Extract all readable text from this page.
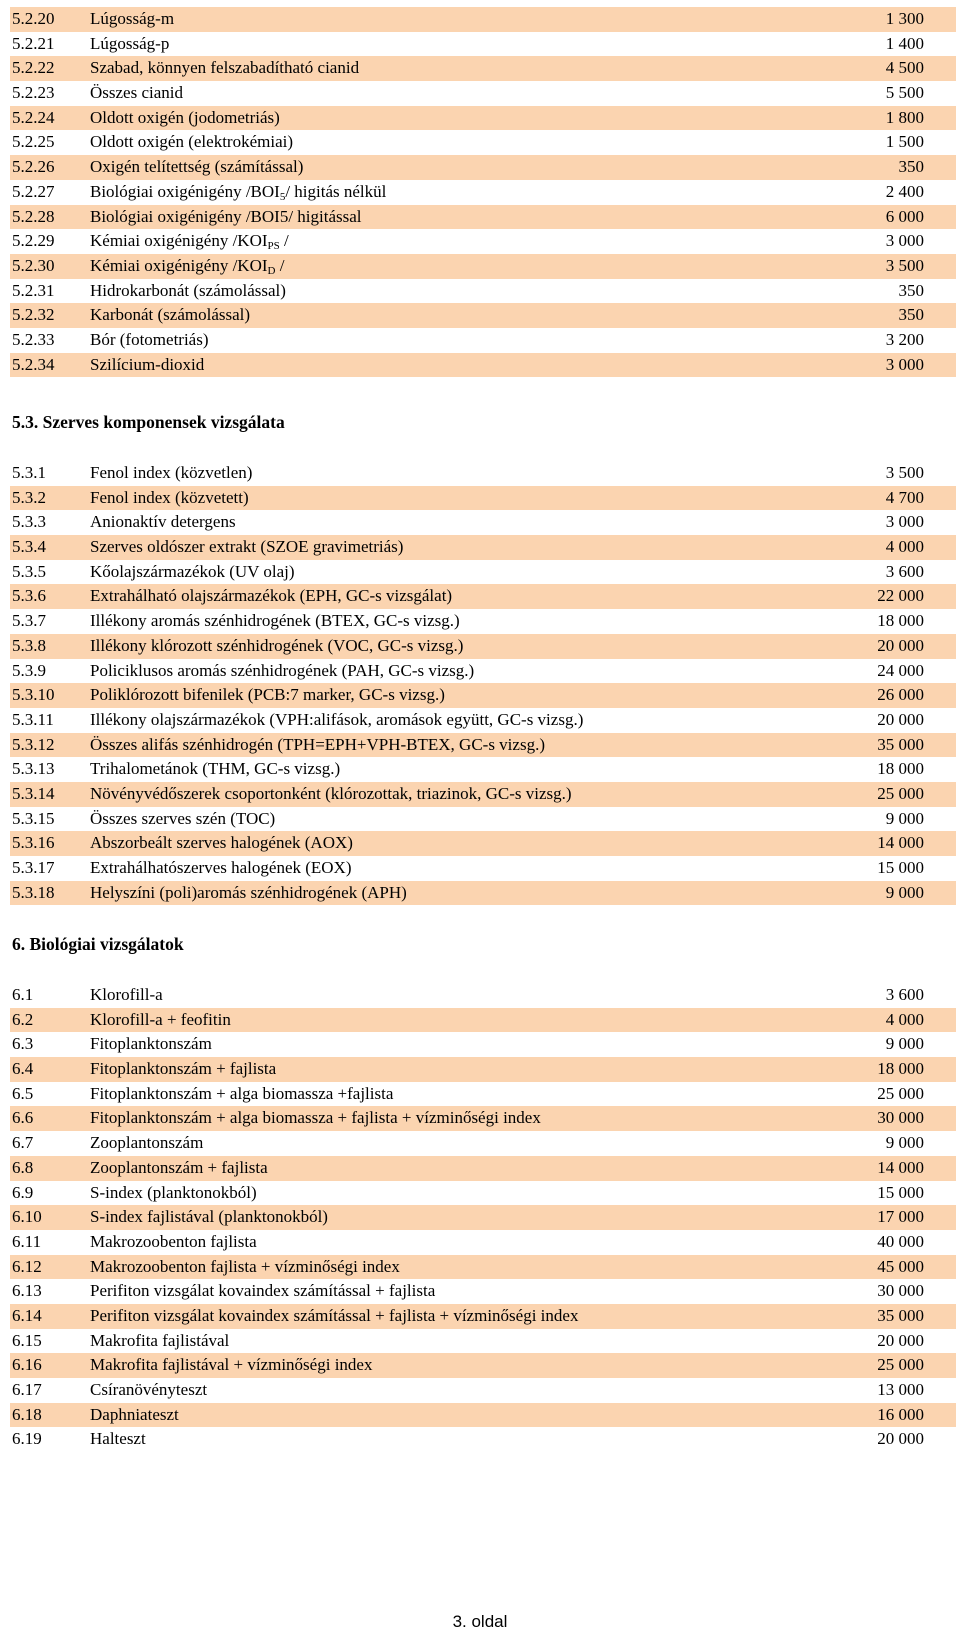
5.2.20 Lúgosság-m	1 300
5.2.21 Lúgosság-p	1 400
5.2.22 Szabad, könnyen felszabadítható cianid	4 500
5.2.23 Összes cianid	5 500
5.2.24 Oldott oxigén (jodometriás)	1 800
5.2.25 Oldott oxigén (elektrokémiai)	1 500
5.2.26 Oxigén telítettség (számítással)	350
5.2.27 Biológiai oxigénigény $/BOI_5/$ higitás nélkül	2 400
5.2.28 Biológiai oxigénigény /BOI5/ higitással	6 000
5.2.29 Kémiai oxigénigény $/KOI_{PS}$ /	3 000
5.2.30 Kémiai oxigénigény $/KOI_D$ /	3 500
5.2.31 Hidrokarbonát (számolással)	350
5.2.32 Karbonát (számolással)	350
5.2.33 Bór (fotometriás)	3 200
5.2.34 Szilícium-dioxid	3 000
5.3. Szerves komponensek vizsgálata
5.3.1	Fenol index (közvetlen)	3 500
5.3.2	Fenol index (közvetett)	4 700
5.3.3	Anionaktív detergens	3 000
5.3.4	Szerves oldószer extrakt (SZOE gravimetriás)	4 000
5.3.5	Kőolajszármazékok (UV olaj)	3 600
5.3.6	Extrahálható olajszármazékok (EPH, GC-s vizsgálat)	22 000
5.3.7	Illékony aromás szénhidrogének (BTEX, GC-s vizsg.)	18 000
5.3.8	Illékony klórozott szénhidrogének (VOC, GC-s vizsg.)	20 000
5.3.9	Policiklusos aromás szénhidrogének (PAH, GC-s vizsg.)	24 000
5.3.10 Poliklórozott bifenilek (PCB:7 marker, GC-s vizsg.)	26 000
5.3.11 Illékony olajszármazékok (VPH:alifások, aromások együtt, GC-s vizsg.)	20 000
5.3.12 Összes alifás szénhidrogén (TPH=EPH+VPH-BTEX, GC-s vizsg.)	35 000
5.3.13 Trihalometánok (THM, GC-s vizsg.)	18 000
5.3.14 Növényvédőszerek csoportonként (klórozottak, triazinok, GC-s vizsg.)	25 000
5.3.15 Összes szerves szén (TOC)	9 000
5.3.16 Abszorbeált szerves halogének (AOX)	14 000
5.3.17 Extrahálhatószerves halogének (EOX)	15 000
5.3.18 Helyszíni (poli)aromás szénhidrogének (APH)	9 000
6. Biológiai vizsgálatok
6.1	Klorofill-a	3 600
6.2	Klorofill-a + feofitin	4 000
6.3	Fitoplanktonszám	9 000
6.4	Fitoplanktonszám + fajlista	18 000
6.5	Fitoplanktonszám + alga biomassza +fajlista	25 000
6.6	Fitoplanktonszám + alga biomassza + fajlista + vízminőségi index	30 000
6.7	Zooplantonszám	9 000
6.8	Zooplantonszám + fajlista	14 000
6.9	S-index (planktonokból)	15 000
6.10	S-index fajlistával (planktonokból)	17 000
6.11	Makrozoobenton fajlista	40 000
6.12	Makrozoobenton fajlista + vízminőségi index	45 000
6.13	Perifiton vizsgálat kovaindex számítással + fajlista	30 000
6.14	Perifiton vizsgálat kovaindex számítással + fajlista + vízminőségi index	35 000
6.15	Makrofita fajlistával	20 000
6.16	Makrofita fajlistával + vízminőségi index	25 000
6.17	Csíranövényteszt	13 000
6.18	Daphniateszt	16 000
6.19	Halteszt	20 000
3. oldal
